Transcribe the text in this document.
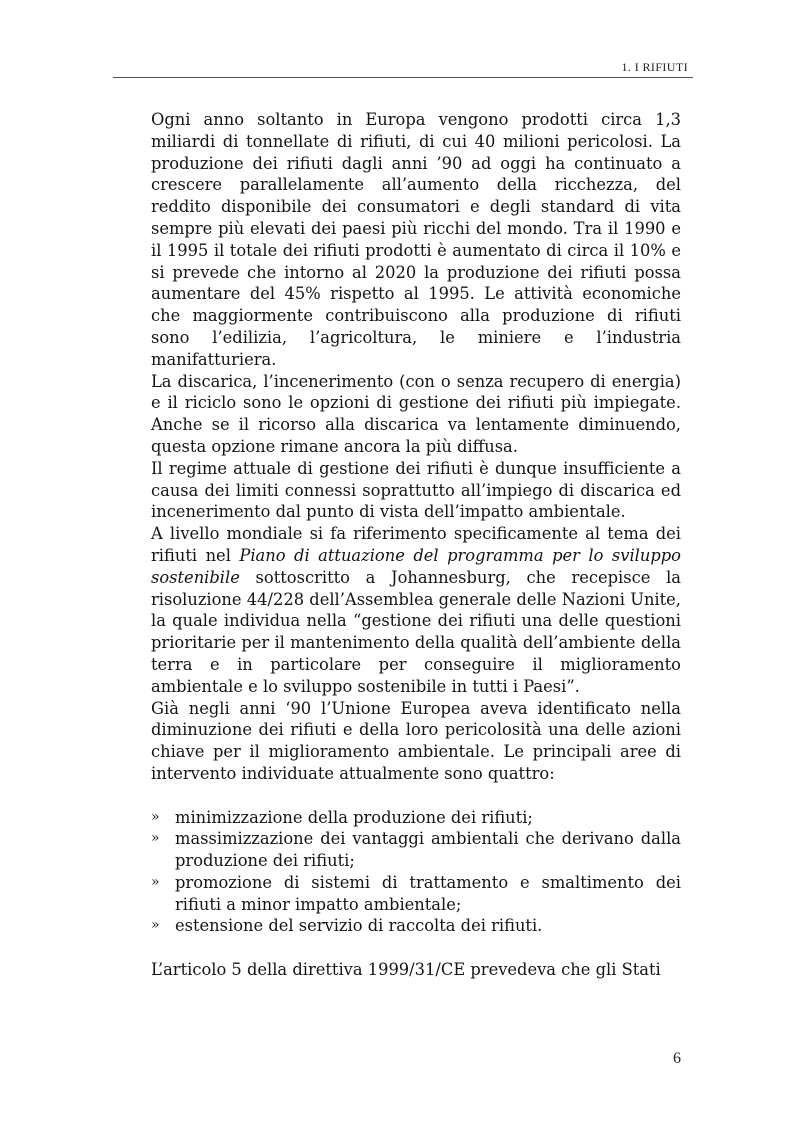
1. I RIFIUTI

Ogni anno soltanto in Europa vengono prodotti circa 1,3 miliardi di tonnellate di rifiuti, di cui 40 milioni pericolosi. La produzione dei rifiuti dagli anni ’90 ad oggi ha continuato a crescere parallelamente all’aumento della ricchezza, del reddito disponibile dei consumatori e degli standard di vita sempre più elevati dei paesi più ricchi del mondo. Tra il 1990 e il 1995 il totale dei rifiuti prodotti è aumentato di circa il 10% e si prevede che intorno al 2020 la produzione dei rifiuti possa aumentare del 45% rispetto al 1995. Le attività economiche che maggiormente contribuiscono alla produzione di rifiuti sono l’edilizia, l’agricoltura, le miniere e l’industria manifatturiera.

La discarica, l’incenerimento (con o senza recupero di energia) e il riciclo sono le opzioni di gestione dei rifiuti più impiegate. Anche se il ricorso alla discarica va lentamente diminuendo, questa opzione rimane ancora la più diffusa.

Il regime attuale di gestione dei rifiuti è dunque insufficiente a causa dei limiti connessi soprattutto all’impiego di discarica ed incenerimento dal punto di vista dell’impatto ambientale.

A livello mondiale si fa riferimento specificamente al tema dei rifiuti nel Piano di attuazione del programma per lo sviluppo sostenibile sottoscritto a Johannesburg, che recepisce la risoluzione 44/228 dell’Assemblea generale delle Nazioni Unite, la quale individua nella “gestione dei rifiuti una delle questioni prioritarie per il mantenimento della qualità dell’ambiente della terra e in particolare per conseguire il miglioramento ambientale e lo sviluppo sostenibile in tutti i Paesi”.

Già negli anni ‘90 l’Unione Europea aveva identificato nella diminuzione dei rifiuti e della loro pericolosità una delle azioni chiave per il miglioramento ambientale. Le principali aree di intervento individuate attualmente sono quattro:

» minimizzazione della produzione dei rifiuti;
» massimizzazione dei vantaggi ambientali che derivano dalla produzione dei rifiuti;
» promozione di sistemi di trattamento e smaltimento dei rifiuti a minor impatto ambientale;
» estensione del servizio di raccolta dei rifiuti.

L’articolo 5 della direttiva 1999/31/CE prevedeva che gli Stati

6
